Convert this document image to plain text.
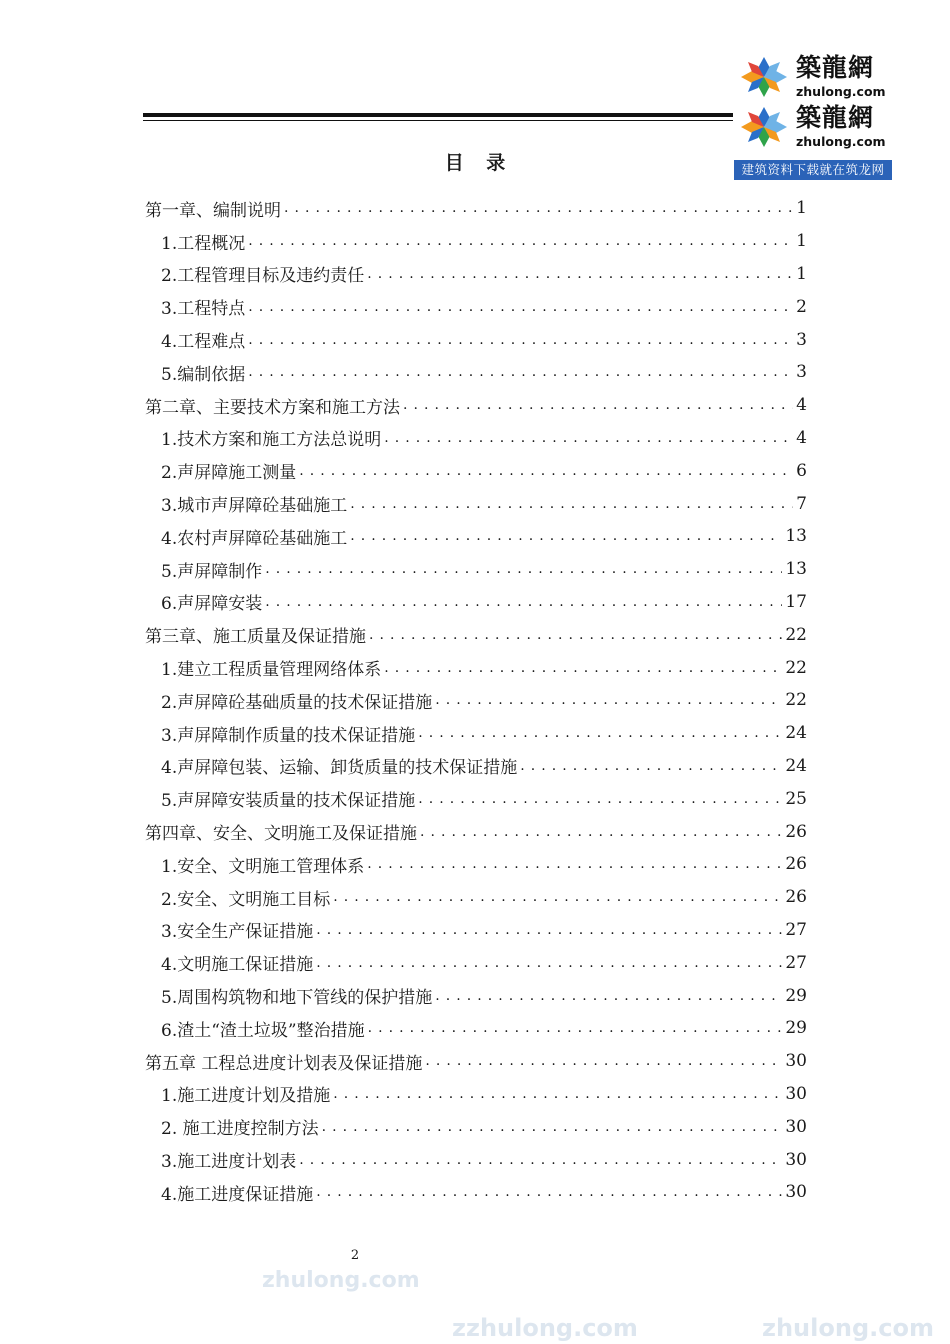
築龍網
zhulong.com
築龍網
zhulong.com
建筑资料下载就在筑龙网
目 录
第一章、编制说明 . . .	1
1.工程概况 . . .	1
2.工程管理目标及违约责任 . . .	1
3.工程特点 . . .	2
4.工程难点 . . .	3
5.编制依据 . . .	3
第二章、主要技术方案和施工方法 . . .	4
1.技术方案和施工方法总说明 . . .	4
2.声屏障施工测量 . . .	6
3.城市声屏障砼基础施工 . . .	7
4.农村声屏障砼基础施工 . . .	13
5.声屏障制作 . . .	13
6.声屏障安装 . . .	17
第三章、施工质量及保证措施 . . .	22
1.建立工程质量管理网络体系 . . .	22
2.声屏障砼基础质量的技术保证措施 . . .	22
3.声屏障制作质量的技术保证措施 . . .	24
4.声屏障包装、运输、卸货质量的技术保证措施 . . .	24
5.声屏障安装质量的技术保证措施 . . .	25
第四章、安全、文明施工及保证措施 . . .	26
1.安全、文明施工管理体系 . . .	26
2.安全、文明施工目标 . . .	26
3.安全生产保证措施 . . .	27
4.文明施工保证措施 . . .	27
5.周围构筑物和地下管线的保护措施 . . .	29
6.渣土“渣土垃圾”整治措施 . . .	29
第五章 工程总进度计划表及保证措施 . . .	30
1.施工进度计划及措施 . . .	30
2. 施工进度控制方法 . . .	30
3.施工进度计划表 . . .	30
4.施工进度保证措施 . . .	30
2
zhulong.com
zzhulong.com	zhulong.com
